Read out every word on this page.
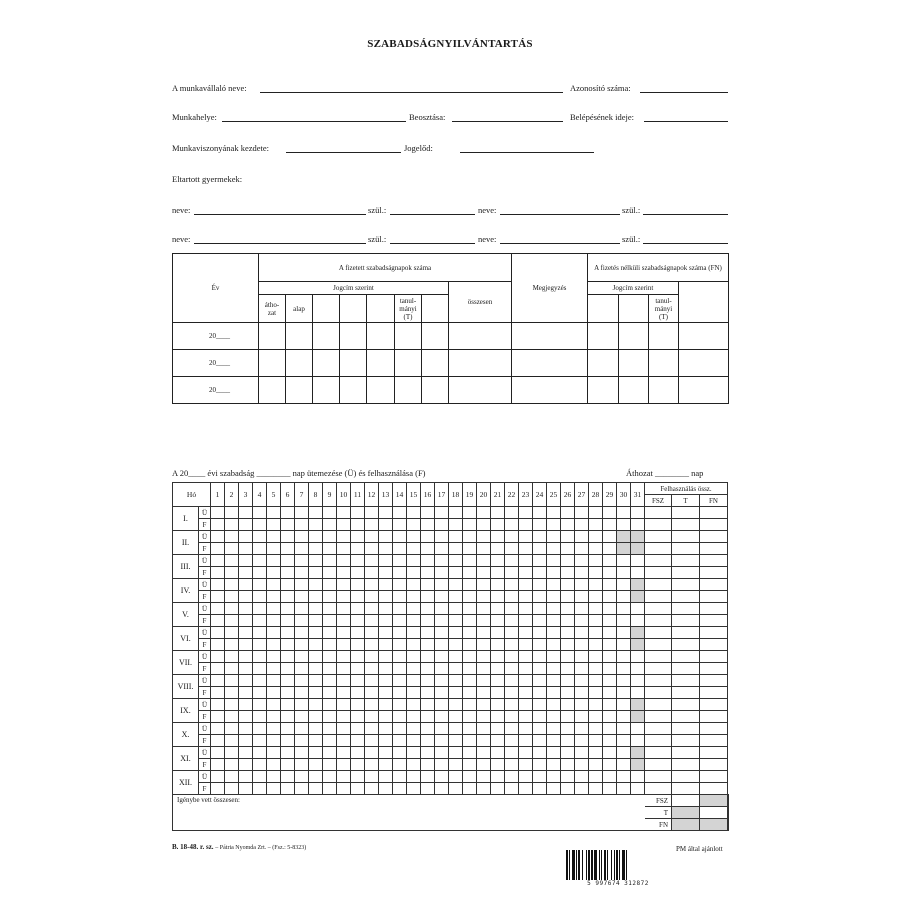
SZABADSÁGNYILVÁNTARTÁS
A munkavállaló neve:	Azonosító száma:
Munkahelye:	Beosztása:	Belépésének ideje:
Munkaviszonyának kezdete:	Jogelőd:
Eltartott gyermekek:
neve:	szül.:	neve:	szül.:
neve:	szül.:	neve:	szül.:
Év	A fizetett szabadságnapok száma								Megjegyzés	A fizetés nélküli szabadságnapok száma (FN)			
	Jogcím szerint							összesen		Jogcím szerint			
	átho-zat	alap				tanul-mányi (T)						tanul-mányi (T)	
20____													
20____													
20____													
A 20____ évi szabadság ________ nap ütemezése (Ü) és felhasználása (F)	Áthozat ________ nap
Hó		1	2	3	4	5	6	7	8	9	10	11	12	13	14	15	16	17	18	19	20	21	22	23	24	25	26	27	28	29	30	31	Felhasználás össz.			
																																	FSZ	T	FN	
I.	Ü																																			
	F																																			
II.	Ü																																			
	F																																			
III.	Ü																																			
	F																																			
IV.	Ü																																			
	F																																			
V.	Ü																																			
	F																																			
VI.	Ü																																			
	F																																			
VII.	Ü																																			
	F																																			
VIII.	Ü																																			
	F																																			
IX.	Ü																																			
	F																																			
X.	Ü																																			
	F																																			
XI.	Ü																																			
	F																																			
XII.	Ü																																			
	F																																			
Igénybe vett összesen:																																	FSZ			
																																	T			
																																	FN			
B. 18-48. r. sz. – Pátria Nyomda Zrt. – (Fsz.: 5-8323)	PM által ajánlott
5 997674 312872
